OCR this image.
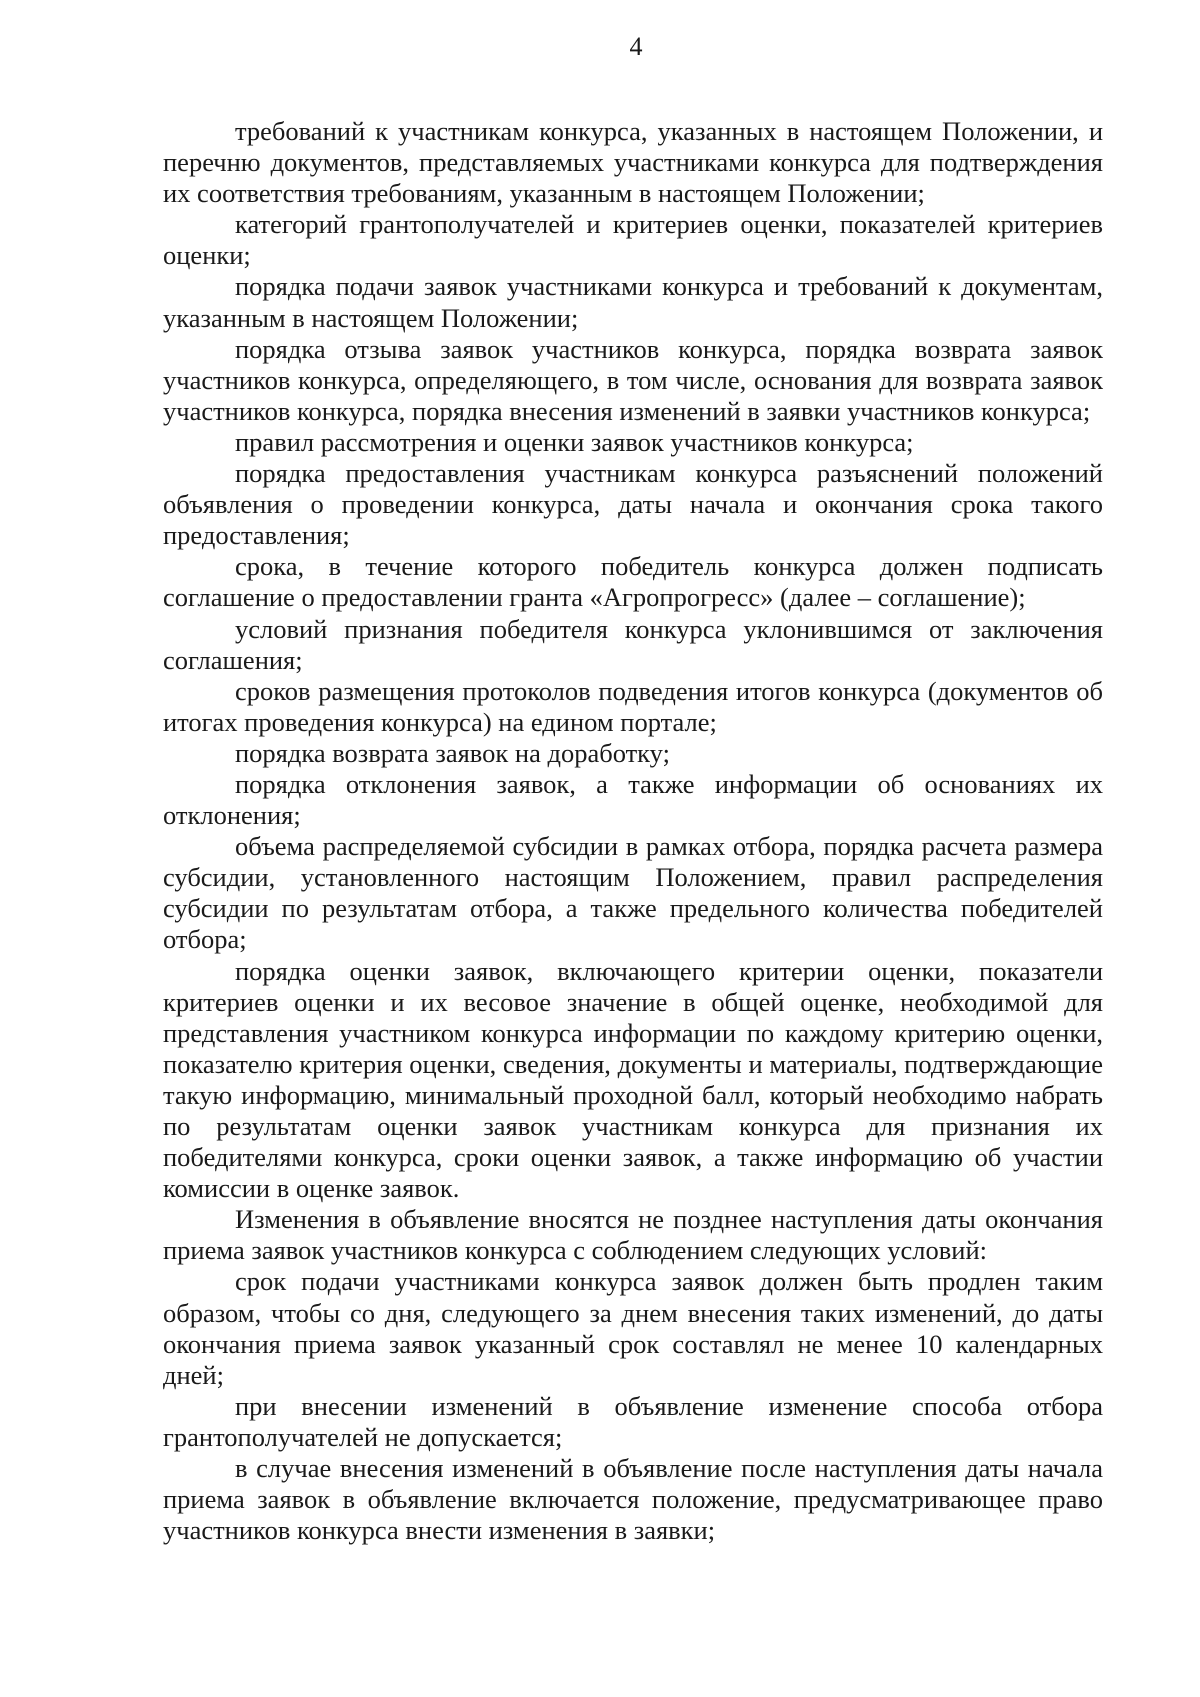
4

требований к участникам конкурса, указанных в настоящем Положении, и перечню документов, представляемых участниками конкурса для подтверждения их соответствия требованиям, указанным в настоящем Положении;

категорий грантополучателей и критериев оценки, показателей критериев оценки;

порядка подачи заявок участниками конкурса и требований к документам, указанным в настоящем Положении;

порядка отзыва заявок участников конкурса, порядка возврата заявок участников конкурса, определяющего, в том числе, основания для возврата заявок участников конкурса, порядка внесения изменений в заявки участников конкурса;

правил рассмотрения и оценки заявок участников конкурса;

порядка предоставления участникам конкурса разъяснений положений объявления о проведении конкурса, даты начала и окончания срока такого предоставления;

срока, в течение которого победитель конкурса должен подписать соглашение о предоставлении гранта «Агропрогресс» (далее – соглашение);

условий признания победителя конкурса уклонившимся от заключения соглашения;

сроков размещения протоколов подведения итогов конкурса (документов об итогах проведения конкурса) на едином портале;

порядка возврата заявок на доработку;

порядка отклонения заявок, а также информации об основаниях их отклонения;

объема распределяемой субсидии в рамках отбора, порядка расчета размера субсидии, установленного настоящим Положением, правил распределения субсидии по результатам отбора, а также предельного количества победителей отбора;

порядка оценки заявок, включающего критерии оценки, показатели критериев оценки и их весовое значение в общей оценке, необходимой для представления участником конкурса информации по каждому критерию оценки, показателю критерия оценки, сведения, документы и материалы, подтверждающие такую информацию, минимальный проходной балл, который необходимо набрать по результатам оценки заявок участникам конкурса для признания их победителями конкурса, сроки оценки заявок, а также информацию об участии комиссии в оценке заявок.

Изменения в объявление вносятся не позднее наступления даты окончания приема заявок участников конкурса с соблюдением следующих условий:

срок подачи участниками конкурса заявок должен быть продлен таким образом, чтобы со дня, следующего за днем внесения таких изменений, до даты окончания приема заявок указанный срок составлял не менее 10 календарных дней;

при внесении изменений в объявление изменение способа отбора грантополучателей не допускается;

в случае внесения изменений в объявление после наступления даты начала приема заявок в объявление включается положение, предусматривающее право участников конкурса внести изменения в заявки;
